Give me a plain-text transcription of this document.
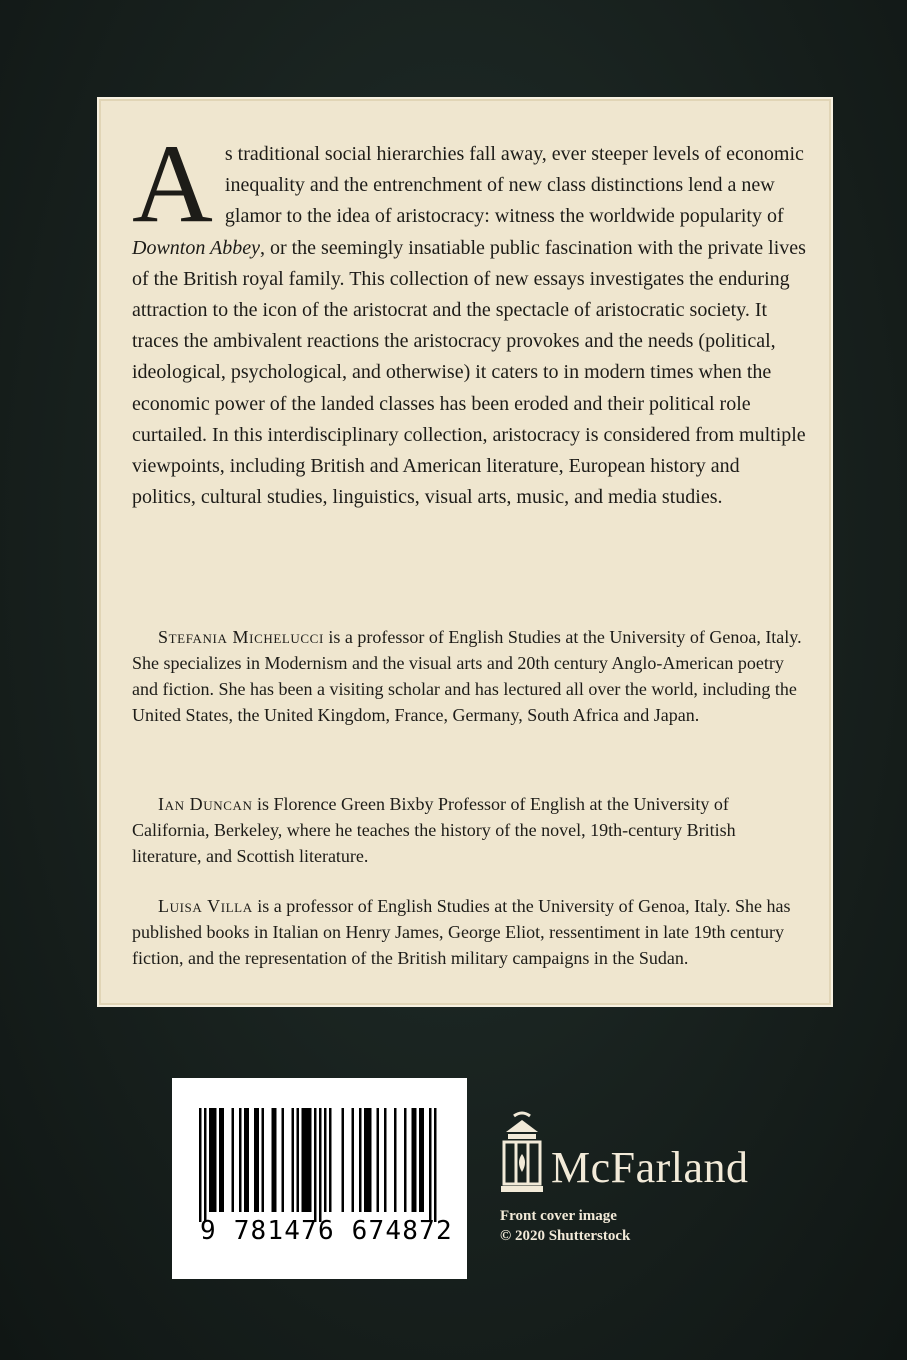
As traditional social hierarchies fall away, ever steeper levels of economic inequality and the entrenchment of new class distinctions lend a new glamor to the idea of aristocracy: witness the worldwide popularity of Downton Abbey, or the seemingly insatiable public fascination with the private lives of the British royal family. This collection of new essays investigates the enduring attraction to the icon of the aristocrat and the spectacle of aristocratic society. It traces the ambivalent reactions the aristocracy provokes and the needs (political, ideological, psychological, and otherwise) it caters to in modern times when the economic power of the landed classes has been eroded and their political role curtailed. In this interdisciplinary collection, aristocracy is considered from multiple viewpoints, including British and American literature, European history and politics, cultural studies, linguistics, visual arts, music, and media studies.

Stefania Michelucci is a professor of English Studies at the University of Genoa, Italy. She specializes in Modernism and the visual arts and 20th century Anglo-American poetry and fiction. She has been a visiting scholar and has lectured all over the world, including the United States, the United Kingdom, France, Germany, South Africa and Japan.

Ian Duncan is Florence Green Bixby Professor of English at the University of California, Berkeley, where he teaches the history of the novel, 19th-century British literature, and Scottish literature.

Luisa Villa is a professor of English Studies at the University of Genoa, Italy. She has published books in Italian on Henry James, George Eliot, ressentiment in late 19th century fiction, and the representation of the British military campaigns in the Sudan.

9 781476 674872
McFarland
Front cover image
© 2020 Shutterstock
